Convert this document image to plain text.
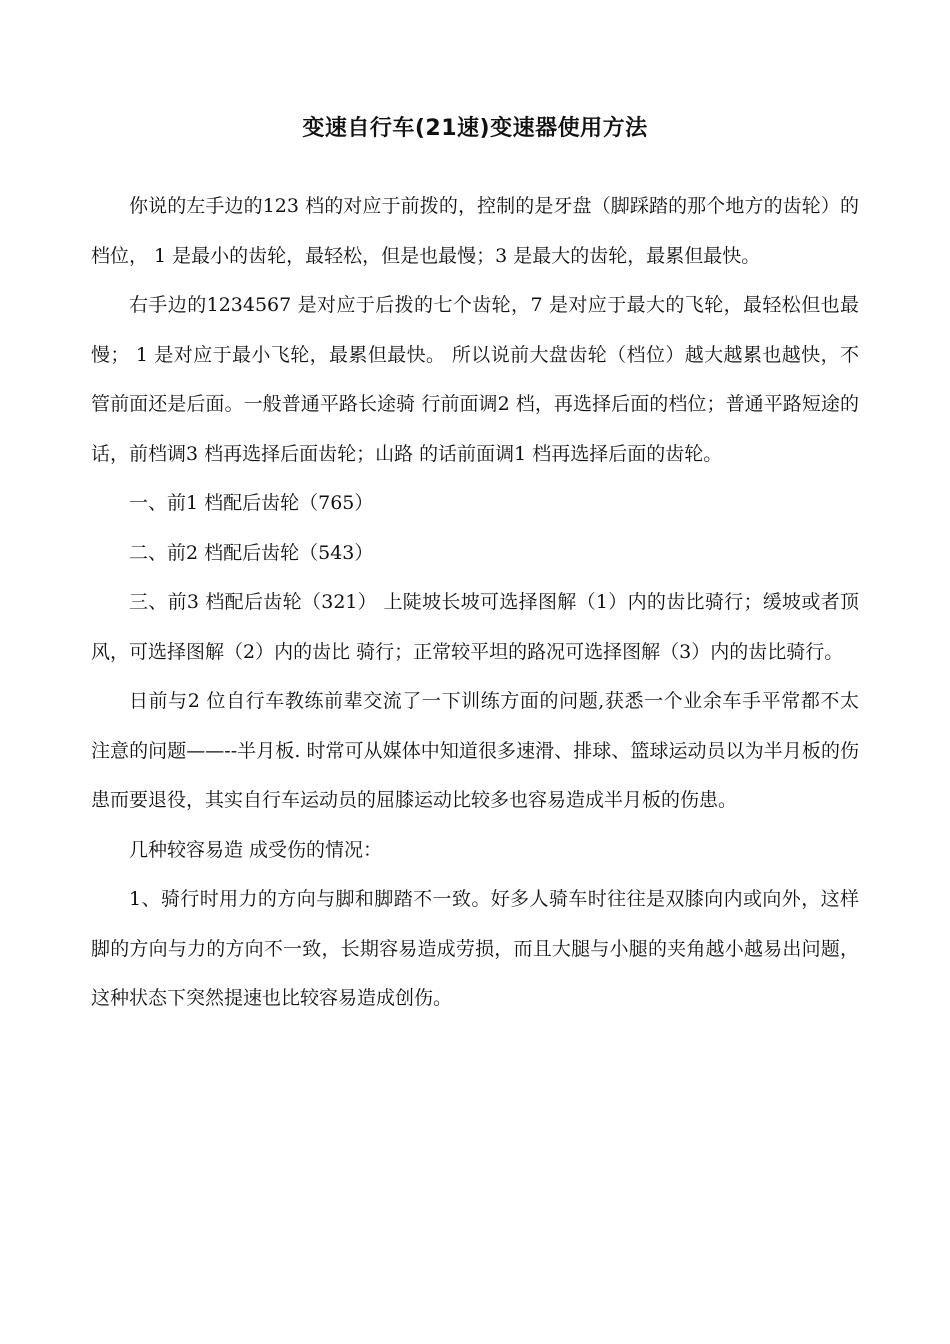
变速自行车(21速)变速器使用方法

你说的左手边的123 档的对应于前拨的，控制的是牙盘（脚踩踏的那个地方的齿轮）的档位， 1 是最小的齿轮，最轻松，但是也最慢；3 是最大的齿轮，最累但最快。

右手边的1234567 是对应于后拨的七个齿轮，7 是对应于最大的飞轮，最轻松但也最慢； 1 是对应于最小飞轮，最累但最快。 所以说前大盘齿轮（档位）越大越累也越快，不管前面还是后面。一般普通平路长途骑 行前面调2 档，再选择后面的档位；普通平路短途的话，前档调3 档再选择后面齿轮；山路 的话前面调1 档再选择后面的齿轮。

一、前1 档配后齿轮（765）

二、前2 档配后齿轮（543）

三、前3 档配后齿轮（321） 上陡坡长坡可选择图解（1）内的齿比骑行；缓坡或者顶风，可选择图解（2）内的齿比 骑行；正常较平坦的路况可选择图解（3）内的齿比骑行。

日前与2 位自行车教练前辈交流了一下训练方面的问题,获悉一个业余车手平常都不太 注意的问题——--半月板. 时常可从媒体中知道很多速滑、排球、篮球运动员以为半月板的伤 患而要退役，其实自行车运动员的屈膝运动比较多也容易造成半月板的伤患。

几种较容易造 成受伤的情况：

1、骑行时用力的方向与脚和脚踏不一致。好多人骑车时往往是双膝向内或向外，这样 脚的方向与力的方向不一致，长期容易造成劳损，而且大腿与小腿的夹角越小越易出问题， 这种状态下突然提速也比较容易造成创伤。
